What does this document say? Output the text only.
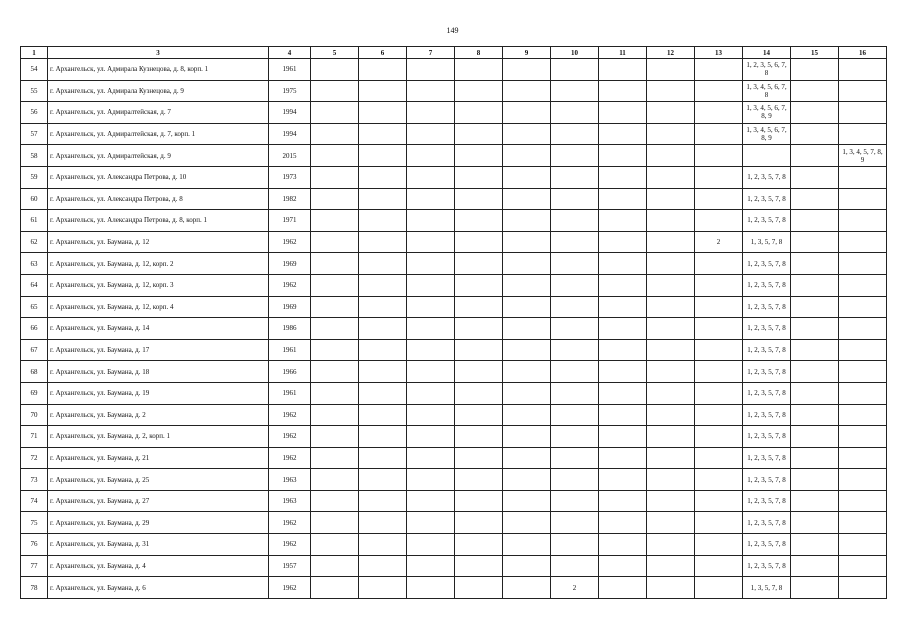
149
1	3	4	5	6	7	8	9	10	11	12	13	14	15	16
54	г. Архангельск, ул. Адмирала Кузнецова, д. 8, корп. 1	1961										1, 2, 3, 5, 6, 7, 8		
55	г. Архангельск, ул. Адмирала Кузнецова, д. 9	1975										1, 3, 4, 5, 6, 7, 8		
56	г. Архангельск, ул. Адмиралтейская, д. 7	1994										1, 3, 4, 5, 6, 7, 8, 9		
57	г. Архангельск, ул. Адмиралтейская, д. 7, корп. 1	1994										1, 3, 4, 5, 6, 7, 8, 9		
58	г. Архангельск, ул. Адмиралтейская, д. 9	2015												1, 3, 4, 5, 7, 8, 9
59	г. Архангельск, ул. Александра Петрова, д. 10	1973										1, 2, 3, 5, 7, 8		
60	г. Архангельск, ул. Александра Петрова, д. 8	1982										1, 2, 3, 5, 7, 8		
61	г. Архангельск, ул. Александра Петрова, д. 8, корп. 1	1971										1, 2, 3, 5, 7, 8		
62	г. Архангельск, ул. Баумана, д. 12	1962									2	1, 3, 5, 7, 8		
63	г. Архангельск, ул. Баумана, д. 12, корп. 2	1969										1, 2, 3, 5, 7, 8		
64	г. Архангельск, ул. Баумана, д. 12, корп. 3	1962										1, 2, 3, 5, 7, 8		
65	г. Архангельск, ул. Баумана, д. 12, корп. 4	1969										1, 2, 3, 5, 7, 8		
66	г. Архангельск, ул. Баумана, д. 14	1986										1, 2, 3, 5, 7, 8		
67	г. Архангельск, ул. Баумана, д. 17	1961										1, 2, 3, 5, 7, 8		
68	г. Архангельск, ул. Баумана, д. 18	1966										1, 2, 3, 5, 7, 8		
69	г. Архангельск, ул. Баумана, д. 19	1961										1, 2, 3, 5, 7, 8		
70	г. Архангельск, ул. Баумана, д. 2	1962										1, 2, 3, 5, 7, 8		
71	г. Архангельск, ул. Баумана, д. 2, корп. 1	1962										1, 2, 3, 5, 7, 8		
72	г. Архангельск, ул. Баумана, д. 21	1962										1, 2, 3, 5, 7, 8		
73	г. Архангельск, ул. Баумана, д. 25	1963										1, 2, 3, 5, 7, 8		
74	г. Архангельск, ул. Баумана, д. 27	1963										1, 2, 3, 5, 7, 8		
75	г. Архангельск, ул. Баумана, д. 29	1962										1, 2, 3, 5, 7, 8		
76	г. Архангельск, ул. Баумана, д. 31	1962										1, 2, 3, 5, 7, 8		
77	г. Архангельск, ул. Баумана, д. 4	1957										1, 2, 3, 5, 7, 8		
78	г. Архангельск, ул. Баумана, д. 6	1962						2				1, 3, 5, 7, 8		
